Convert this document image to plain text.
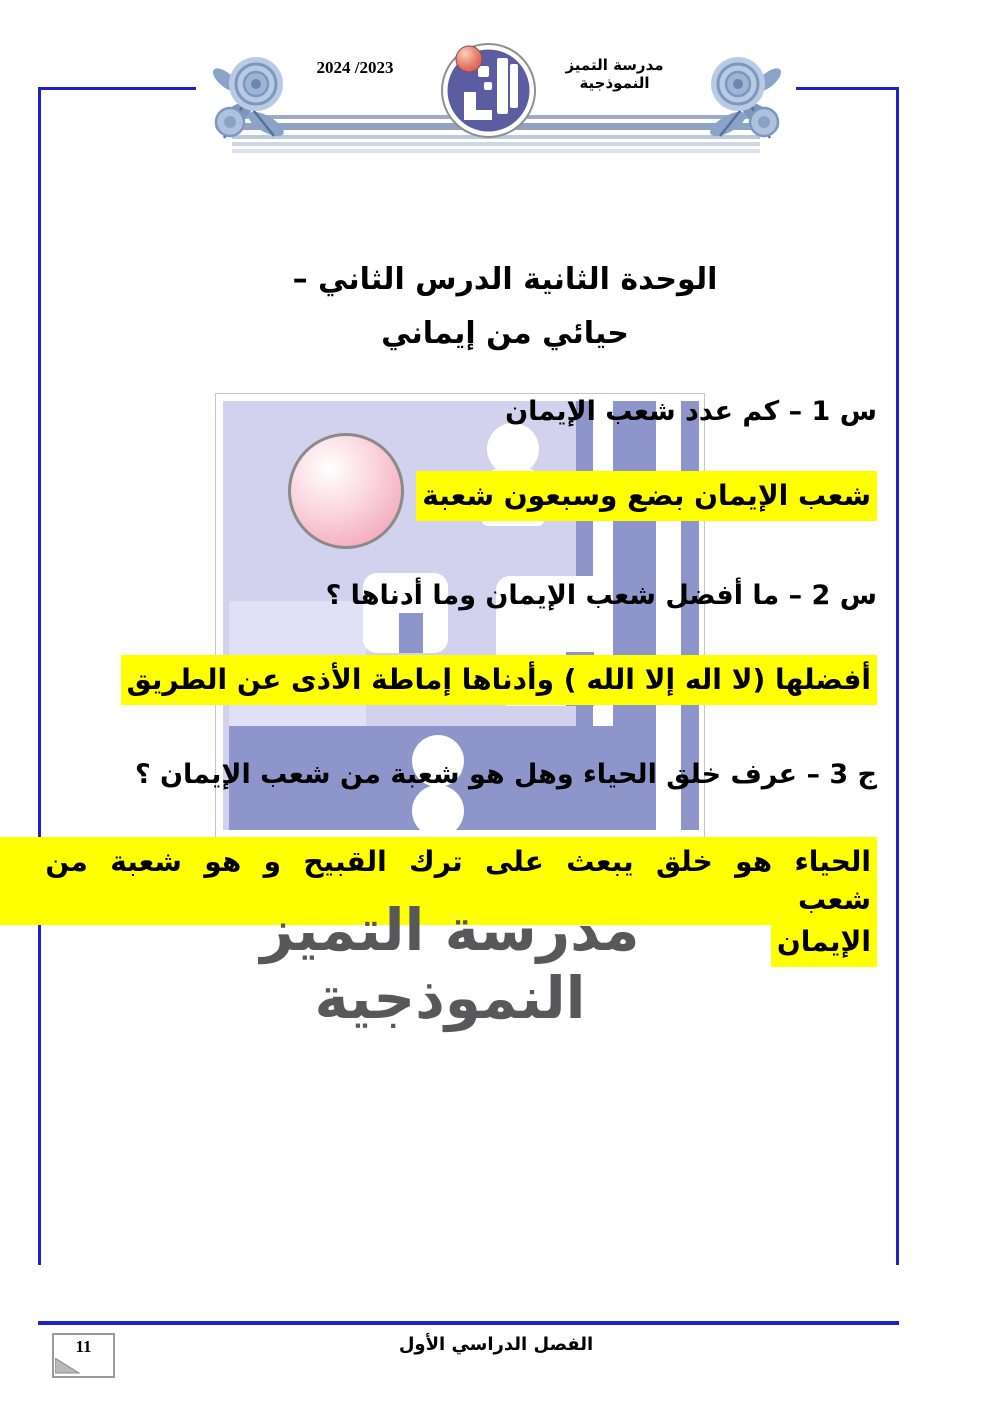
2024 /2023	مدرسة التميز النموذجية
الوحدة الثانية الدرس الثاني –
حيائي من إيماني
س 1 – كم عدد شعب الإيمان
شعب الإيمان بضع وسبعون شعبة
س 2 – ما أفضل شعب الإيمان وما أدناها ؟
أفضلها (لا اله إلا الله ) وأدناها إماطة الأذى عن الطريق
ج 3 – عرف خلق الحياء وهل هو شعبة من شعب الإيمان ؟
الحياء هو خلق يبعث على ترك القبيح و هو شعبة من شعب
الإيمان
مدرسة التميز النموذجية
11	الفصل الدراسي الأول
